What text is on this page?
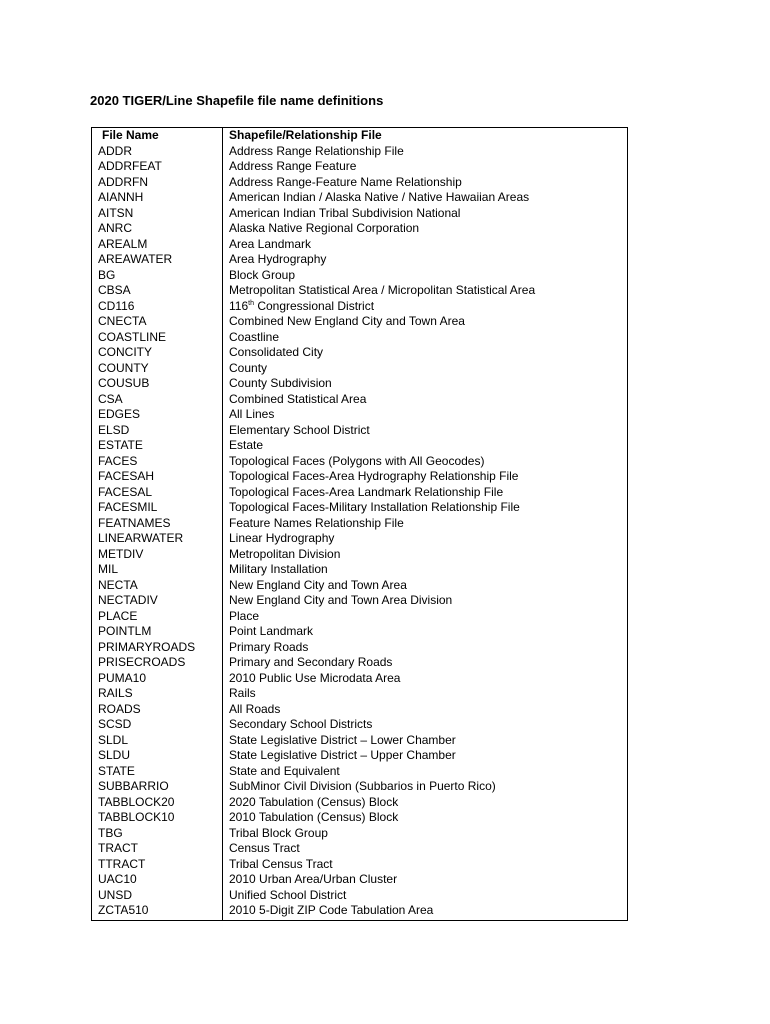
2020 TIGER/Line Shapefile file name definitions
File Name	Shapefile/Relationship File
ADDR	Address Range Relationship File
ADDRFEAT	Address Range Feature
ADDRFN	Address Range-Feature Name Relationship
AIANNH	American Indian / Alaska Native / Native Hawaiian Areas
AITSN	American Indian Tribal Subdivision National
ANRC	Alaska Native Regional Corporation
AREALM	Area Landmark
AREAWATER	Area Hydrography
BG	Block Group
CBSA	Metropolitan Statistical Area / Micropolitan Statistical Area
CD116	116th Congressional District
CNECTA	Combined New England City and Town Area
COASTLINE	Coastline
CONCITY	Consolidated City
COUNTY	County
COUSUB	County Subdivision
CSA	Combined Statistical Area
EDGES	All Lines
ELSD	Elementary School District
ESTATE	Estate
FACES	Topological Faces (Polygons with All Geocodes)
FACESAH	Topological Faces-Area Hydrography Relationship File
FACESAL	Topological Faces-Area Landmark Relationship File
FACESMIL	Topological Faces-Military Installation Relationship File
FEATNAMES	Feature Names Relationship File
LINEARWATER	Linear Hydrography
METDIV	Metropolitan Division
MIL	Military Installation
NECTA	New England City and Town Area
NECTADIV	New England City and Town Area Division
PLACE	Place
POINTLM	Point Landmark
PRIMARYROADS	Primary Roads
PRISECROADS	Primary and Secondary Roads
PUMA10	2010 Public Use Microdata Area
RAILS	Rails
ROADS	All Roads
SCSD	Secondary School Districts
SLDL	State Legislative District – Lower Chamber
SLDU	State Legislative District – Upper Chamber
STATE	State and Equivalent
SUBBARRIO	SubMinor Civil Division (Subbarios in Puerto Rico)
TABBLOCK20	2020 Tabulation (Census) Block
TABBLOCK10	2010 Tabulation (Census) Block
TBG	Tribal Block Group
TRACT	Census Tract
TTRACT	Tribal Census Tract
UAC10	2010 Urban Area/Urban Cluster
UNSD	Unified School District
ZCTA510	2010 5-Digit ZIP Code Tabulation Area
